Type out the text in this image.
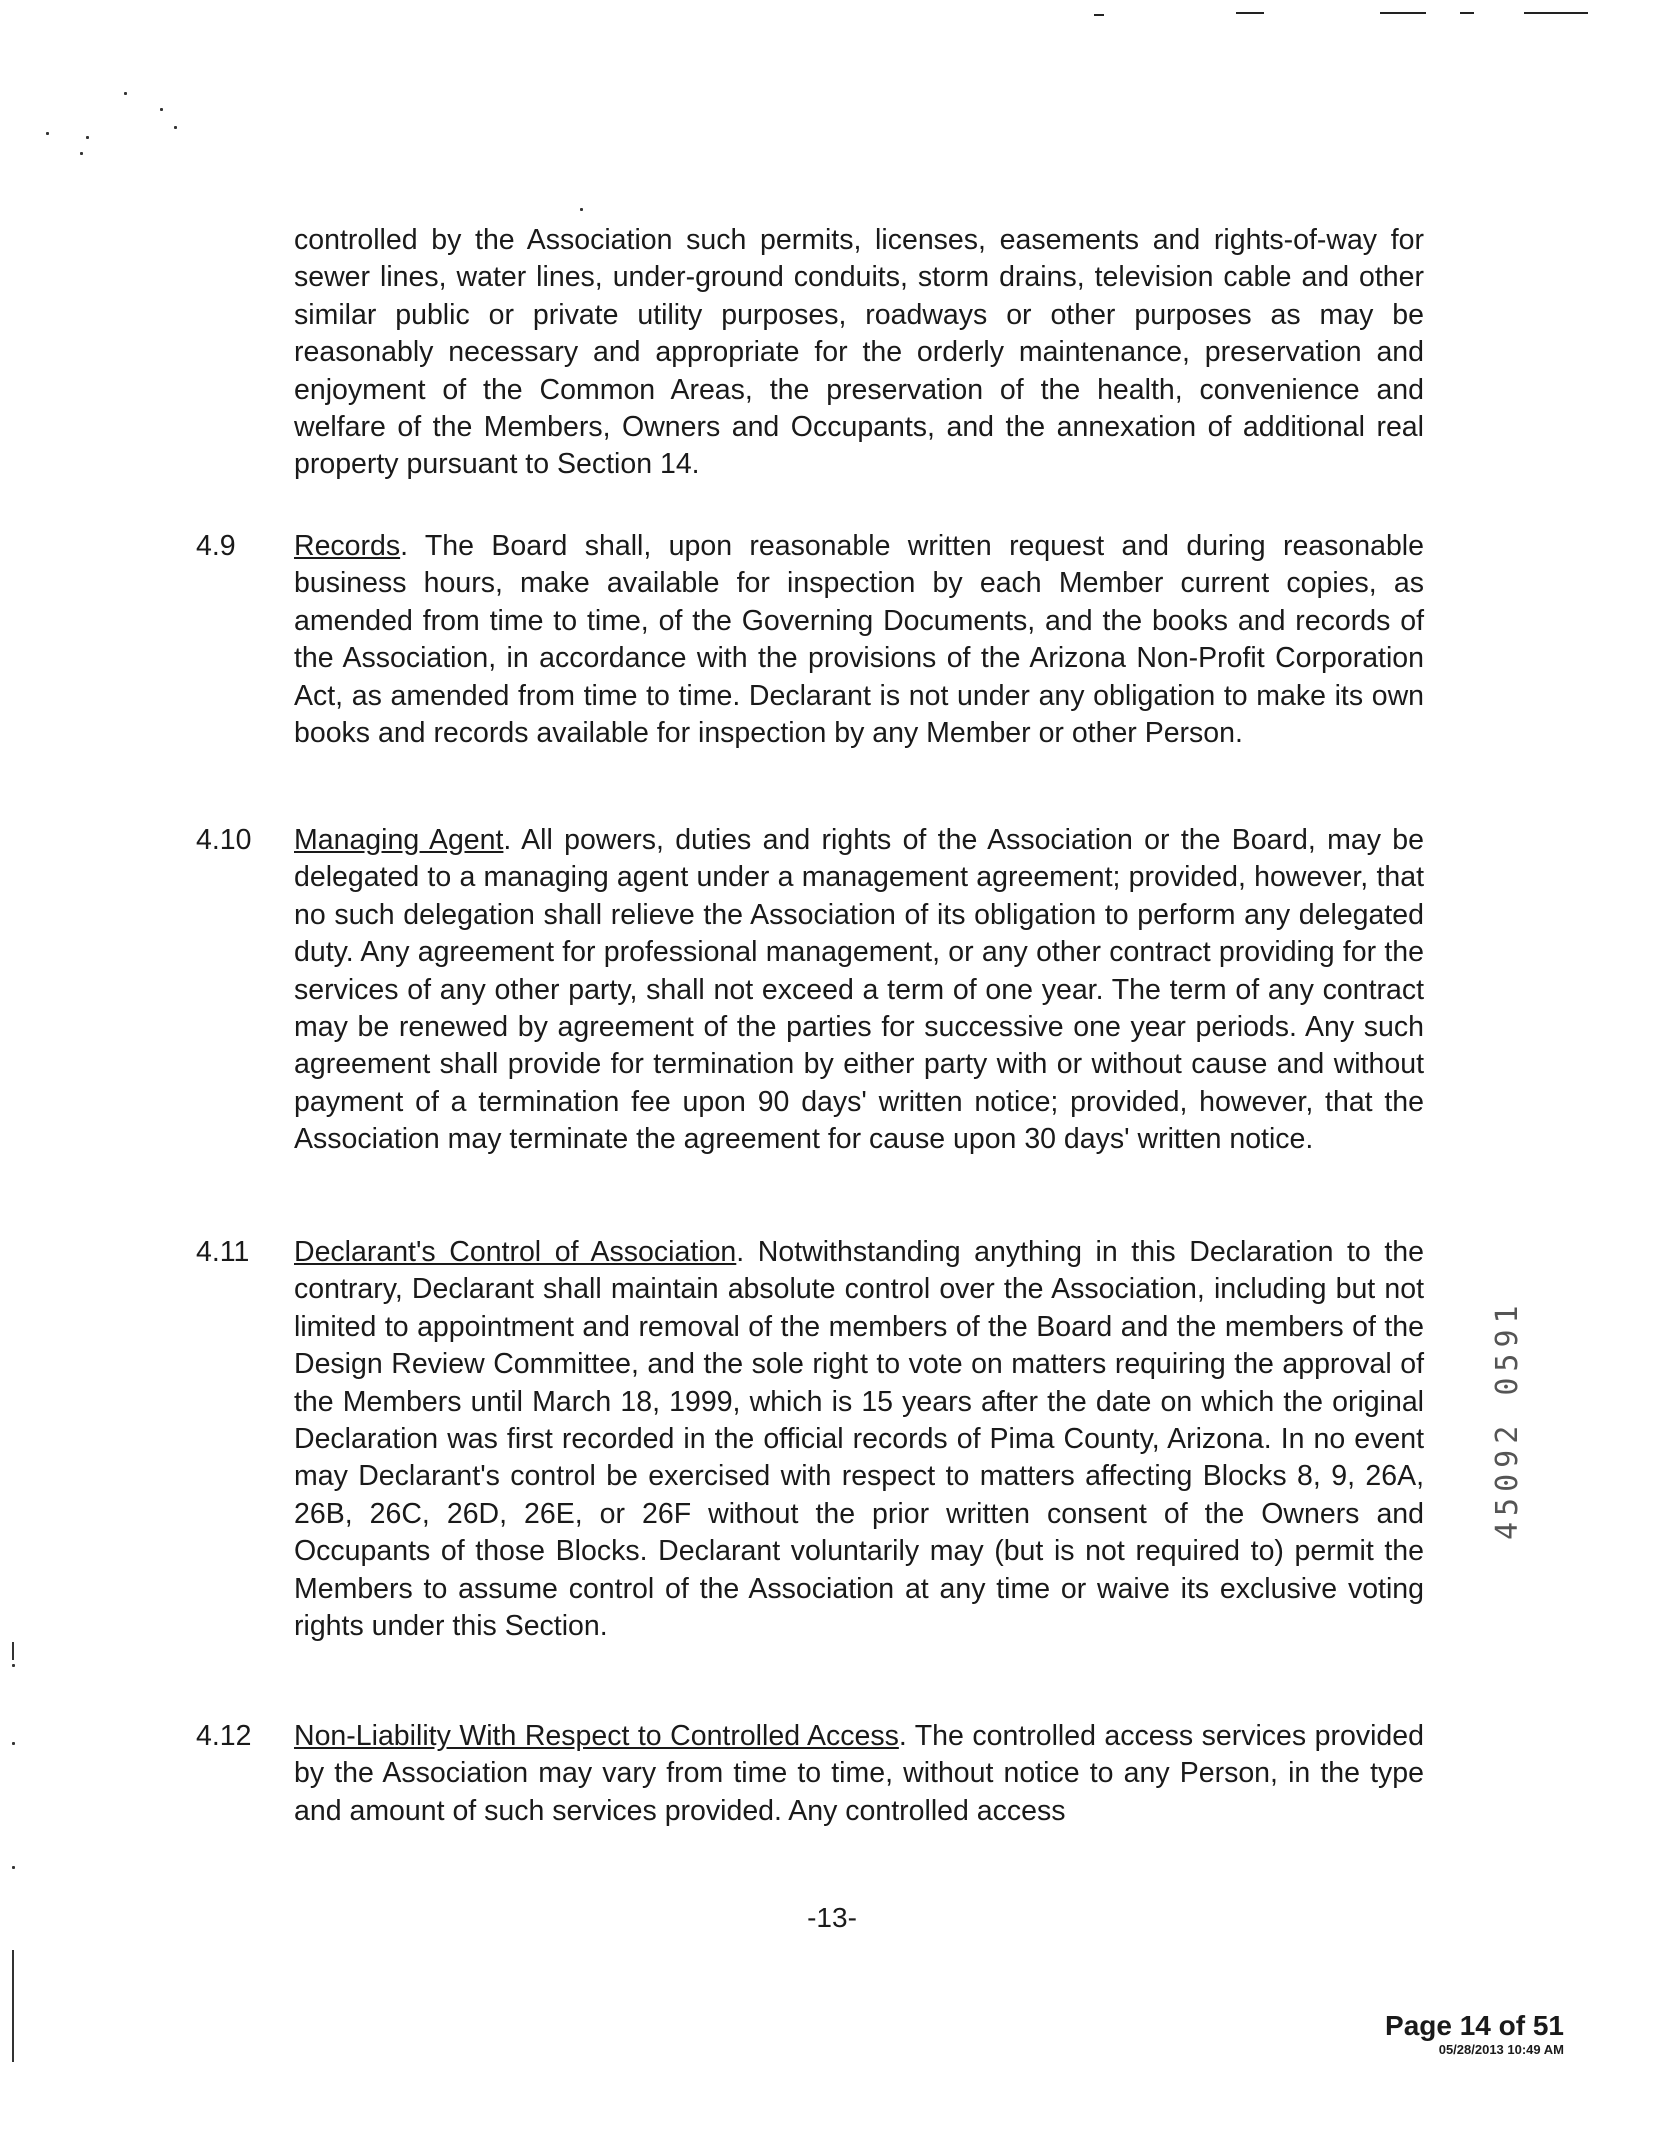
controlled by the Association such permits, licenses, easements and rights-of-way for sewer lines, water lines, under-ground conduits, storm drains, television cable and other similar public or private utility purposes, roadways or other purposes as may be reasonably necessary and appropriate for the orderly maintenance, preservation and enjoyment of the Common Areas, the preservation of the health, convenience and welfare of the Members, Owners and Occupants, and the annexation of additional real property pursuant to Section 14.

4.9 Records. The Board shall, upon reasonable written request and during reasonable business hours, make available for inspection by each Member current copies, as amended from time to time, of the Governing Documents, and the books and records of the Association, in accordance with the provisions of the Arizona Non-Profit Corporation Act, as amended from time to time. Declarant is not under any obligation to make its own books and records available for inspection by any Member or other Person.

4.10 Managing Agent. All powers, duties and rights of the Association or the Board, may be delegated to a managing agent under a management agreement; provided, however, that no such delegation shall relieve the Association of its obligation to perform any delegated duty. Any agreement for professional management, or any other contract providing for the services of any other party, shall not exceed a term of one year. The term of any contract may be renewed by agreement of the parties for successive one year periods. Any such agreement shall provide for termination by either party with or without cause and without payment of a termination fee upon 90 days' written notice; provided, however, that the Association may terminate the agreement for cause upon 30 days' written notice.

4.11 Declarant's Control of Association. Notwithstanding anything in this Declaration to the contrary, Declarant shall maintain absolute control over the Association, including but not limited to appointment and removal of the members of the Board and the members of the Design Review Committee, and the sole right to vote on matters requiring the approval of the Members until March 18, 1999, which is 15 years after the date on which the original Declaration was first recorded in the official records of Pima County, Arizona. In no event may Declarant's control be exercised with respect to matters affecting Blocks 8, 9, 26A, 26B, 26C, 26D, 26E, or 26F without the prior written consent of the Owners and Occupants of those Blocks. Declarant voluntarily may (but is not required to) permit the Members to assume control of the Association at any time or waive its exclusive voting rights under this Section.

4.12 Non-Liability With Respect to Controlled Access. The controlled access services provided by the Association may vary from time to time, without notice to any Person, in the type and amount of such services provided. Any controlled access

45092 0591
-13-
Page 14 of 51
05/28/2013 10:49 AM
